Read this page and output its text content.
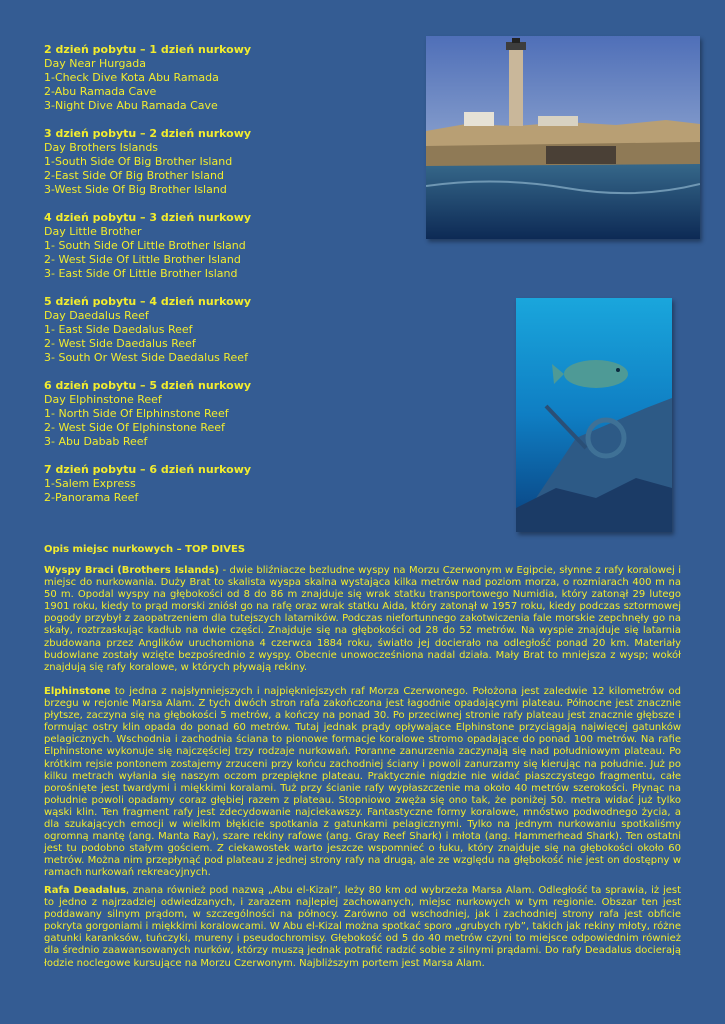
2 dzień pobytu – 1 dzień nurkowy
Day Near Hurgada
1-Check Dive Kota Abu Ramada
2-Abu Ramada Cave
3-Night Dive Abu Ramada Cave
3 dzień pobytu – 2 dzień nurkowy
Day Brothers Islands
1-South Side Of Big Brother Island
2-East Side Of Big Brother Island
3-West Side Of Big Brother Island
4 dzień pobytu – 3 dzień nurkowy
Day Little Brother
1- South Side Of Little Brother Island
2- West Side Of Little Brother Island
3- East Side Of Little Brother Island
5 dzień pobytu – 4 dzień nurkowy
Day Daedalus Reef
1- East Side Daedalus Reef
2- West Side Daedalus Reef
3- South Or West Side Daedalus Reef
6 dzień pobytu – 5 dzień nurkowy
Day Elphinstone Reef
1- North Side Of Elphinstone Reef
2- West Side Of Elphinstone Reef
3- Abu Dabab Reef
7 dzień pobytu – 6 dzień nurkowy
1-Salem Express
2-Panorama Reef
Opis miejsc nurkowych – TOP DIVES

Wyspy Braci (Brothers Islands) - dwie bliźniacze bezludne wyspy na Morzu Czerwonym w Egipcie, słynne z rafy koralowej i miejsc do nurkowania. Duży Brat to skalista wyspa skalna wystająca kilka metrów nad poziom morza, o rozmiarach 400 m na 50 m. Opodal wyspy na głębokości od 8 do 86 m znajduje się wrak statku transportowego Numidia, który zatonął 29 lutego 1901 roku, kiedy to prąd morski zniósł go na rafę oraz wrak statku Aida, który zatonął w 1957 roku, kiedy podczas sztormowej pogody przybył z zaopatrzeniem dla tutejszych latarników. Podczas niefortunnego zakotwiczenia fale morskie zepchnęły go na skały, roztrzaskując kadłub na dwie części. Znajduje się na głębokości od 28 do 52 metrów. Na wyspie znajduje się latarnia zbudowana przez Anglików uruchomiona 4 czerwca 1884 roku, światło jej docierało na odległość ponad 20 km. Materiały budowlane zostały wzięte bezpośrednio z wyspy. Obecnie unowocześniona nadal działa. Mały Brat to mniejsza z wysp; wokół znajdują się rafy koralowe, w których pływają rekiny.

Elphinstone to jedna z najsłynniejszych i najpiękniejszych raf Morza Czerwonego. Położona jest zaledwie 12 kilometrów od brzegu w rejonie Marsa Alam. Z tych dwóch stron rafa zakończona jest łagodnie opadającymi plateau. Północne jest znacznie płytsze, zaczyna się na głębokości 5 metrów, a kończy na ponad 30. Po przeciwnej stronie rafy plateau jest znacznie głębsze i formując ostry klin opada do ponad 60 metrów. Tutaj jednak prądy opływające Elphinstone przyciągają najwięcej gatunków pelagicznych. Wschodnia i zachodnia ściana to pionowe formacje koralowe stromo opadające do ponad 100 metrów. Na rafie Elphinstone wykonuje się najczęściej trzy rodzaje nurkowań. Poranne zanurzenia zaczynają się nad południowym plateau. Po krótkim rejsie pontonem zostajemy zrzuceni przy końcu zachodniej ściany i powoli zanurzamy się kierując na południe. Już po kilku metrach wyłania się naszym oczom przepiękne plateau. Praktycznie nigdzie nie widać piaszczystego fragmentu, całe porośnięte jest twardymi i miękkimi koralami. Tuż przy ścianie rafy wypłaszczenie ma około 40 metrów szerokości. Płynąc na południe powoli opadamy coraz głębiej razem z plateau. Stopniowo zwęża się ono tak, że poniżej 50. metra widać już tylko wąski klin. Ten fragment rafy jest zdecydowanie najciekawszy. Fantastyczne formy koralowe, mnóstwo podwodnego życia, a dla szukających emocji w wielkim błękicie spotkania z gatunkami pelagicznymi. Tylko na jednym nurkowaniu spotkaliśmy ogromną mantę (ang. Manta Ray), szare rekiny rafowe (ang. Gray Reef Shark) i młota (ang. Hammerhead Shark). Ten ostatni jest tu podobno stałym gościem. Z ciekawostek warto jeszcze wspomnieć o łuku, który znajduje się na głębokości około 60 metrów. Można nim przepłynąć pod plateau z jednej strony rafy na drugą, ale ze względu na głębokość nie jest on dostępny w ramach nurkowań rekreacyjnych.

Rafa Deadalus, znana również pod nazwą „Abu el-Kizal”, leży 80 km od wybrzeża Marsa Alam. Odległość ta sprawia, iż jest to jedno z najrzadziej odwiedzanych, i zarazem najlepiej zachowanych, miejsc nurkowych w tym regionie. Obszar ten jest poddawany silnym prądom, w szczególności na północy. Zarówno od wschodniej, jak i zachodniej strony rafa jest obficie pokryta gorgoniami i miękkimi koralowcami. W Abu el-Kizal można spotkać sporo „grubych ryb”, takich jak rekiny młoty, różne gatunki karanksów, tuńczyki, mureny i pseudochromisy. Głębokość od 5 do 40 metrów czyni to miejsce odpowiednim również dla średnio zaawansowanych nurków, którzy muszą jednak potrafić radzić sobie z silnymi prądami. Do rafy Deadalus docierają łodzie noclegowe kursujące na Morzu Czerwonym. Najbliższym portem jest Marsa Alam.
